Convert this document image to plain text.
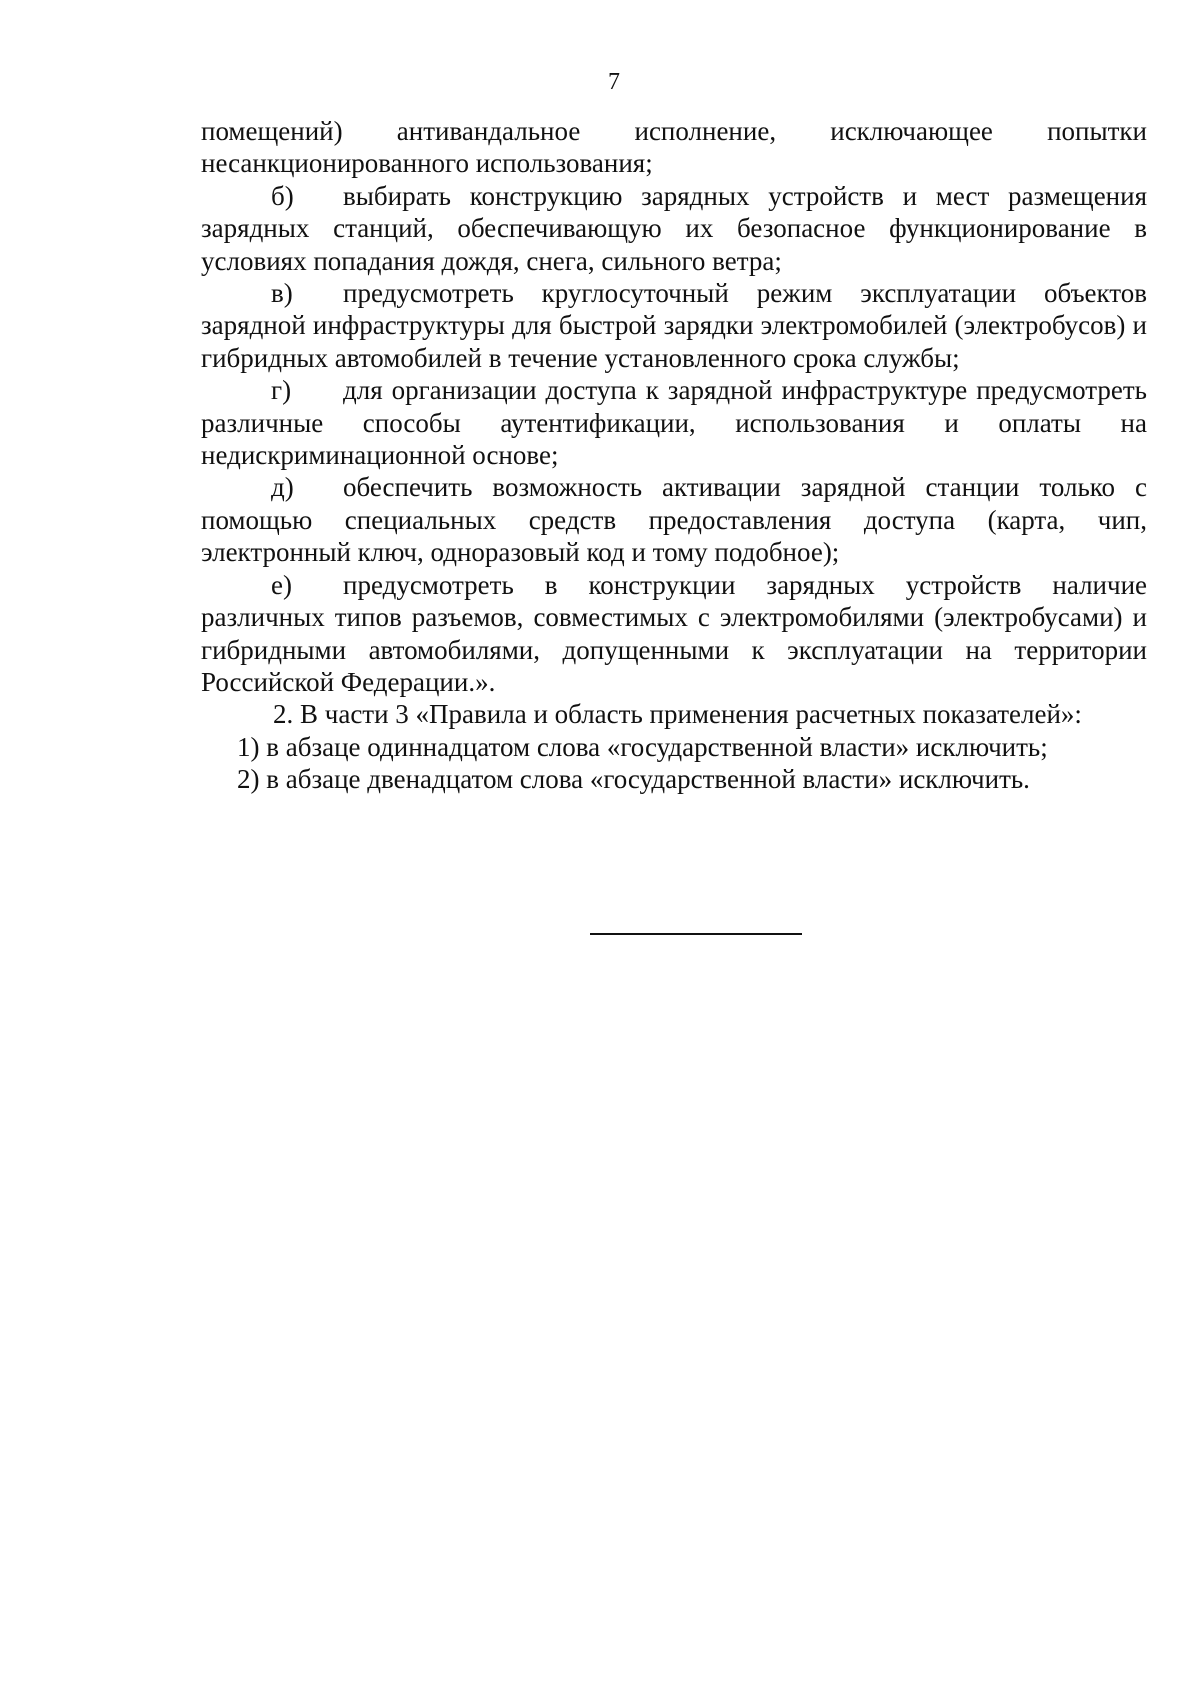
7

помещений) антивандальное исполнение, исключающее попытки несанкционированного использования;

б) выбирать конструкцию зарядных устройств и мест размещения зарядных станций, обеспечивающую их безопасное функционирование в условиях попадания дождя, снега, сильного ветра;

в) предусмотреть круглосуточный режим эксплуатации объектов зарядной инфраструктуры для быстрой зарядки электромобилей (электробусов) и гибридных автомобилей в течение установленного срока службы;

г) для организации доступа к зарядной инфраструктуре предусмотреть различные способы аутентификации, использования и оплаты на недискриминационной основе;

д) обеспечить возможность активации зарядной станции только с помощью специальных средств предоставления доступа (карта, чип, электронный ключ, одноразовый код и тому подобное);

е) предусмотреть в конструкции зарядных устройств наличие различных типов разъемов, совместимых с электромобилями (электробусами) и гибридными автомобилями, допущенными к эксплуатации на территории Российской Федерации.».

2. В части 3 «Правила и область применения расчетных показателей»:

1) в абзаце одиннадцатом слова «государственной власти» исключить;

2) в абзаце двенадцатом слова «государственной власти» исключить.
